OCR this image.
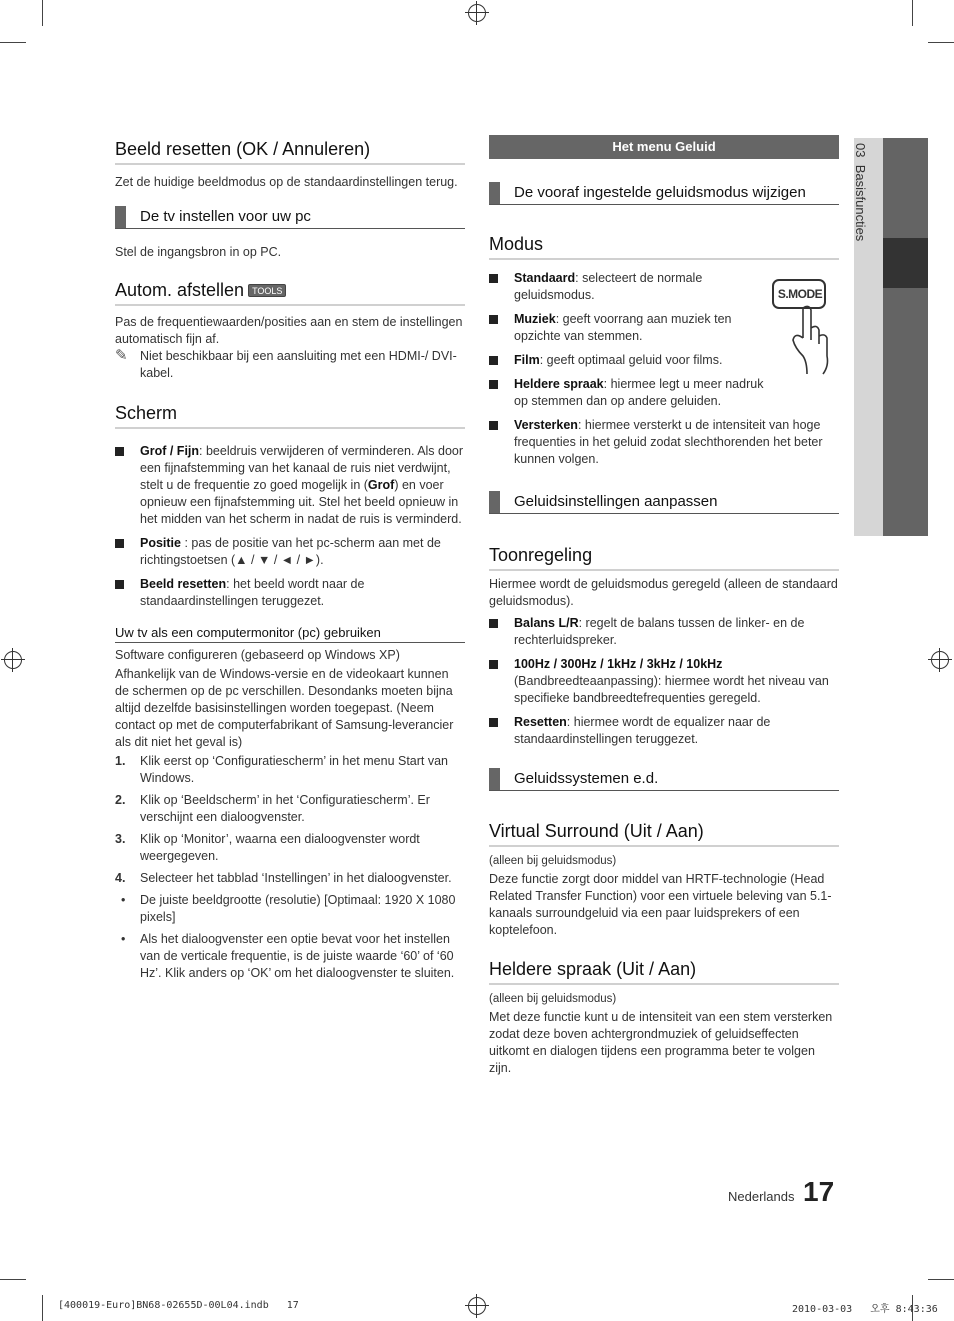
Beeld resetten (OK / Annuleren)

Zet de huidige beeldmodus op de standaardinstellingen terug.

De tv instellen voor uw pc

Stel de ingangsbron in op PC.

Autom. afstellen TOOLS

Pas de frequentiewaarden/posities aan en stem de instellingen automatisch fijn af.

✎ Niet beschikbaar bij een aansluiting met een HDMI-/ DVI-kabel.

Scherm
Grof / Fijn: beeldruis verwijderen of verminderen. Als door een fijnafstemming van het kanaal de ruis niet verdwijnt, stelt u de frequentie zo goed mogelijk in (Grof) en voer opnieuw een fijnafstemming uit. Stel het beeld opnieuw in het midden van het scherm in nadat de ruis is verminderd.
Positie : pas de positie van het pc-scherm aan met de richtingstoetsen (▲ / ▼ / ◄ / ►).
Beeld resetten: het beeld wordt naar de standaardinstellingen teruggezet.
Uw tv als een computermonitor (pc) gebruiken

Software configureren (gebaseerd op Windows XP)

Afhankelijk van de Windows-versie en de videokaart kunnen de schermen op de pc verschillen. Desondanks moeten bijna altijd dezelfde basisinstellingen worden toegepast. (Neem contact op met de computerfabrikant of Samsung-leverancier als dit niet het geval is)

1. Klik eerst op ‘Configuratiescherm’ in het menu Start van Windows.
2. Klik op ‘Beeldscherm’ in het ‘Configuratiescherm’. Er verschijnt een dialoogvenster.
3. Klik op ‘Monitor’, waarna een dialoogvenster wordt weergegeven.
4. Selecteer het tabblad ‘Instellingen’ in het dialoogvenster.
• De juiste beeldgrootte (resolutie) [Optimaal: 1920 X 1080 pixels]
• Als het dialoogvenster een optie bevat voor het instellen van de verticale frequentie, is de juiste waarde ‘60’ of ‘60 Hz’. Klik anders op ‘OK’ om het dialoogvenster te sluiten.
Het menu Geluid
De vooraf ingestelde geluidsmodus wijzigen
Modus
S.MODE
Standaard: selecteert de normale geluidsmodus.
Muziek: geeft voorrang aan muziek ten opzichte van stemmen.
Film: geeft optimaal geluid voor films.
Heldere spraak: hiermee legt u meer nadruk op stemmen dan op andere geluiden.
Versterken: hiermee versterkt u de intensiteit van hoge frequenties in het geluid zodat slechthorenden het beter kunnen volgen.
Geluidsinstellingen aanpassen
Toonregeling

Hiermee wordt de geluidsmodus geregeld (alleen de standaard geluidsmodus).

Balans L/R: regelt de balans tussen de linker- en de rechterluidspreker.
100Hz / 300Hz / 1kHz / 3kHz / 10kHz (Bandbreedteaanpassing): hiermee wordt het niveau van specifieke bandbreedtefrequenties geregeld.
Resetten: hiermee wordt de equalizer naar de standaardinstellingen teruggezet.
Geluidssystemen e.d.
Virtual Surround (Uit / Aan)

(alleen bij geluidsmodus)

Deze functie zorgt door middel van HRTF-technologie (Head Related Transfer Function) voor een virtuele beleving van 5.1-kanaals surroundgeluid via een paar luidsprekers of een koptelefoon.

Heldere spraak (Uit / Aan)

(alleen bij geluidsmodus)

Met deze functie kunt u de intensiteit van een stem versterken zodat deze boven achtergrondmuziek of geluidseffecten uitkomt en dialogen tijdens een programma beter te volgen zijn.

03  Basisfuncties
Nederlands 17
[400019-Euro]BN68-02655D-00L04.indb   17	2010-03-03   오후 8:43:36
